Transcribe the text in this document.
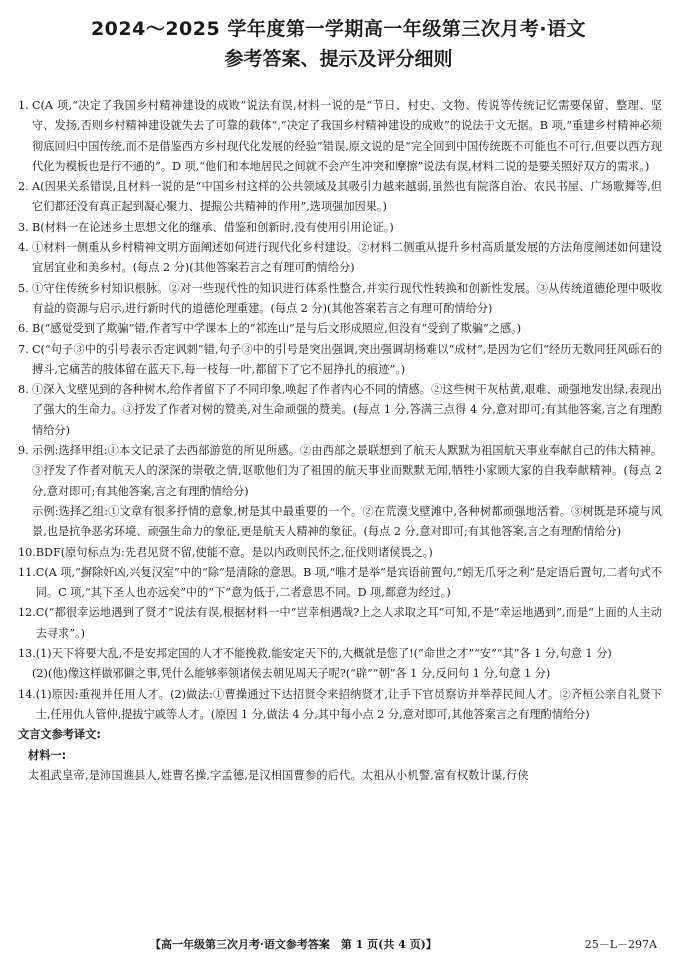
2024～2025 学年度第一学期高一年级第三次月考·语文
参考答案、提示及评分细则
1. C(A 项,“决定了我国乡村精神建设的成败”说法有误,材料一说的是“节日、村史、文物、传说等传统记忆需要保留、整理、坚守、发扬,否则乡村精神建设就失去了可靠的载体”,“决定了我国乡村精神建设的成败”的说法于文无据。B 项,“重建乡村精神必须彻底回归中国传统,而不是借鉴西方乡村现代化发展的经验”错误,原文说的是“完全回到中国传统既不可能也不可行,但要以西方现代化为模板也是行不通的”。D 项,“他们和本地居民之间就不会产生冲突和摩擦”说法有误,材料二说的是要关照好双方的需求。)
2. A(因果关系错误,且材料一说的是“中国乡村这样的公共领域及其吸引力越来越弱,虽然也有院落自治、农民书屋、广场歌舞等,但它们都还没有真正起到凝心聚力、提振公共精神的作用”,选项强加因果。)
3. B(材料一在论述乡土思想文化的继承、借鉴和创新时,没有使用引用论证。)
4. ①材料一侧重从乡村精神文明方面阐述如何进行现代化乡村建设。②材料二侧重从提升乡村高质量发展的方法角度阐述如何建设宜居宜业和美乡村。(每点 2 分)(其他答案若言之有理可酌情给分)
5. ①守住传统乡村知识根脉。②对一些现代性的知识进行体系性整合,并实行现代性转换和创新性发展。③从传统道德伦理中吸收有益的资源与启示,进行新时代的道德伦理重建。(每点 2 分)(其他答案若言之有理可酌情给分)
6. B(“感觉受到了欺骗”错,作者写中学课本上的“祁连山”是与后文形成照应,但没有“受到了欺骗”之感。)
7. C(“句子③中的引号表示否定讽刺”错,句子③中的引号是突出强调,突出强调胡杨难以“成材”,是因为它们“经历无数同狂风砾石的搏斗,它痛苦的肢体留在蓝天下,每一枝每一叶,都留下了它不屈挣扎的痕迹”。)
8. ①深入戈壁见到的各种树木,给作者留下了不同印象,唤起了作者内心不同的情感。②这些树干灰枯黄,艰难、顽强地发出绿,表现出了强大的生命力。③抒发了作者对树的赞美,对生命顽强的赞美。(每点 1 分,答满三点得 4 分,意对即可;有其他答案,言之有理酌情给分)
9. 示例:选择甲组:①本文记录了去西部游览的所见所感。②由西部之景联想到了航天人默默为祖国航天事业奉献自己的伟大精神。③抒发了作者对航天人的深深的崇敬之情,讴歌他们为了祖国的航天事业而默默无闻,牺牲小家顾大家的自我奉献精神。(每点 2 分,意对即可;有其他答案,言之有理酌情给分)
示例:选择乙组:①文章有很多抒情的意象,树是其中最重要的一个。②在荒漠戈壁滩中,各种树都顽强地活着。③树既是环境与风景,也是抗争恶劣环境、顽强生命力的象征,更是航天人精神的象征。(每点 2 分,意对即可;有其他答案,言之有理酌情给分)
10. BDF(原句标点为:先君见贤不留,使能不意。是以内政则民怀之,征伐则诸侯畏之。)
11. C(A 项,“摒除奸凶,兴复汉室”中的“除”是清除的意思。B 项,“唯才是举”是宾语前置句,“蚓无爪牙之利”是定语后置句,二者句式不同。C 项,“其下圣人也亦远矣”中的“下”意为低于,二者意思不同。D 项,都意为经过。)
12. C(“都很幸运地遇到了贤才”说法有误,根据材料一中“岂幸相遇哉?上之人求取之耳”可知,不是“幸运地遇到”,而是“上面的人主动去寻求”。)
13. (1)天下将要大乱,不是安邦定国的人才不能挽救,能安定天下的,大概就是您了!(“命世之才”“安”“其”各 1 分,句意 1 分)
(2)(他)像这样做邪僻之事,凭什么能够率领诸侯去朝见周天子呢?(“辟”“朝”各 1 分,反问句 1 分,句意 1 分)
14. (1)原因:重视并任用人才。(2)做法:①曹操通过下达招贤令来招纳贤才,让手下官员察访并举荐民间人才。②齐桓公亲自礼贤下士,任用仇人管仲,提拔宁戚等人才。(原因 1 分,做法 4 分,其中每小点 2 分,意对即可,其他答案言之有理酌情给分)
文言文参考译文:
材料一:
太祖武皇帝,是沛国谯县人,姓曹名操,字孟德,是汉相国曹参的后代。太祖从小机警,富有权数计谋,行侠
【高一年级第三次月考·语文参考答案　第 1 页(共 4 页)】	25－L－297A
